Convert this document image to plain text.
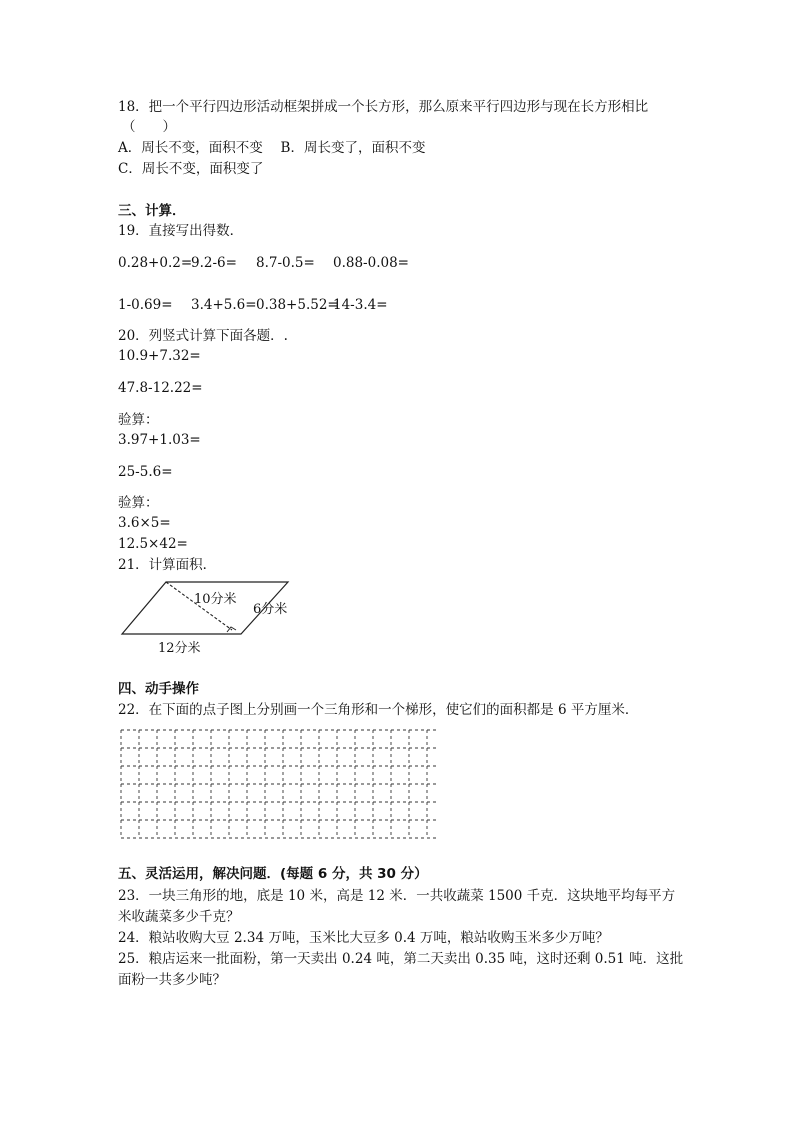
18．把一个平行四边形活动框架拼成一个长方形，那么原来平行四边形与现在长方形相比

（　　）

A．周长不变，面积不变　 B．周长变了，面积不变

C．周长不变，面积变了

三、计算．

19．直接写出得数．

0.28+0.2=
9.2-6= 8.7-0.5= 0.88-0.08=
1-0.69= 3.4+5.6= 0.38+5.52=
14-3.4=

20．列竖式计算下面各题．.

10.9+7.32=

47.8-12.22=

验算：

3.97+1.03=

25-5.6=

验算：

3.6×5=

12.5×42=

21．计算面积．

10分米
6分米
12分米

四、动手操作

22．在下面的点子图上分别画一个三角形和一个梯形，使它们的面积都是 6 平方厘米．

五、灵活运用，解决问题．(每题 6 分，共 30 分）

23．一块三角形的地，底是 10 米，高是 12 米．一共收蔬菜 1500 千克．这块地平均每平方

米收蔬菜多少千克？

24．粮站收购大豆 2.34 万吨，玉米比大豆多 0.4 万吨，粮站收购玉米多少万吨？

25．粮店运来一批面粉，第一天卖出 0.24 吨，第二天卖出 0.35 吨，这时还剩 0.51 吨．这批

面粉一共多少吨？
